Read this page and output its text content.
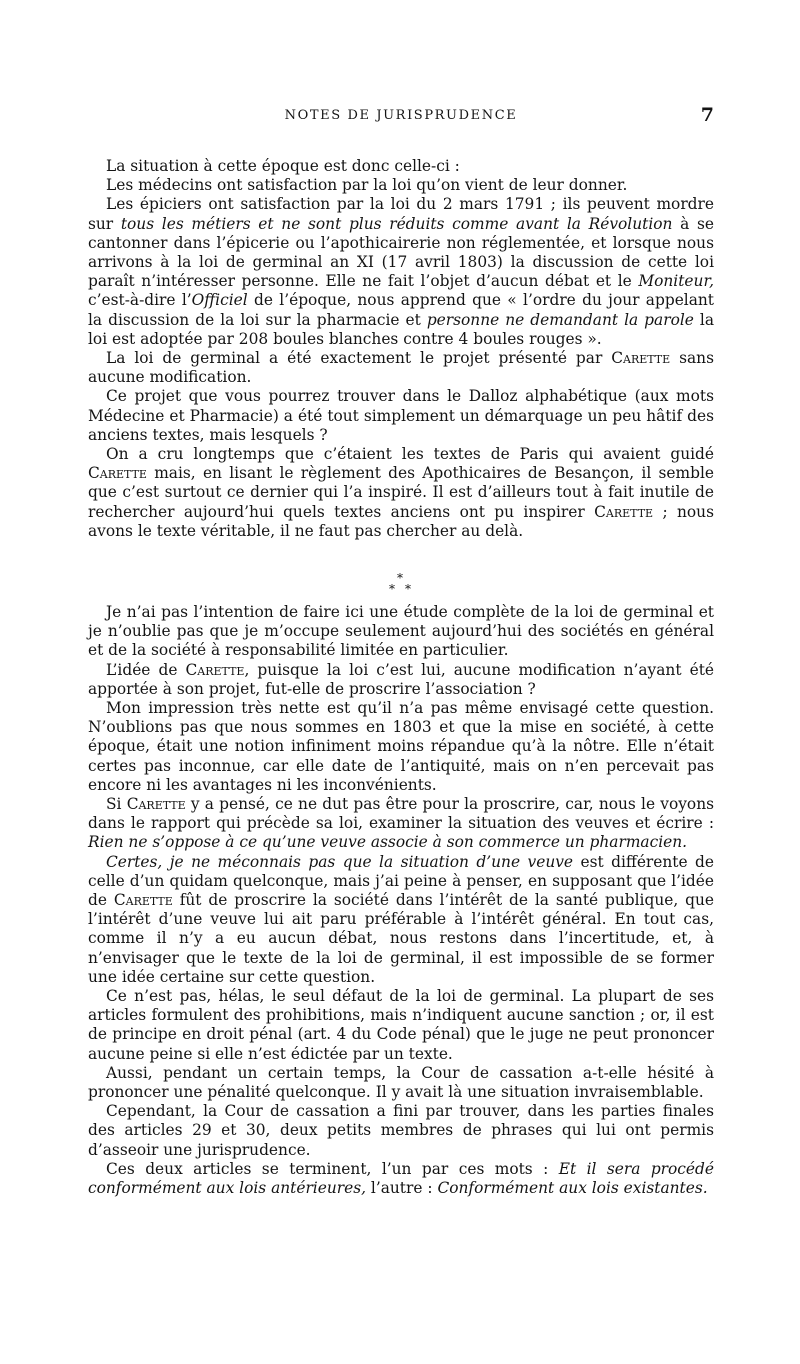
NOTES DE JURISPRUDENCE	7

La situation à cette époque est donc celle-ci :

Les médecins ont satisfaction par la loi qu’on vient de leur donner.

Les épiciers ont satisfaction par la loi du 2 mars 1791 ; ils peuvent mordre sur tous les métiers et ne sont plus réduits comme avant la Révolution à se cantonner dans l’épicerie ou l’apothicairerie non réglementée, et lorsque nous arrivons à la loi de germinal an XI (17 avril 1803) la discussion de cette loi paraît n’intéresser personne. Elle ne fait l’objet d’aucun débat et le Moniteur, c’est-à-dire l’Officiel de l’époque, nous apprend que « l’ordre du jour appelant la discussion de la loi sur la pharmacie et personne ne demandant la parole la loi est adoptée par 208 boules blanches contre 4 boules rouges ».

La loi de germinal a été exactement le projet présenté par Carette sans aucune modification.

Ce projet que vous pourrez trouver dans le Dalloz alphabétique (aux mots Médecine et Pharmacie) a été tout simplement un démarquage un peu hâtif des anciens textes, mais lesquels ?

On a cru longtemps que c’étaient les textes de Paris qui avaient guidé Carette mais, en lisant le règlement des Apothicaires de Besançon, il semble que c’est surtout ce dernier qui l’a inspiré. Il est d’ailleurs tout à fait inutile de rechercher aujourd’hui quels textes anciens ont pu inspirer Carette ; nous avons le texte véritable, il ne faut pas chercher au delà.

*
* *

Je n’ai pas l’intention de faire ici une étude complète de la loi de germinal et je n’oublie pas que je m’occupe seulement aujourd’hui des sociétés en général et de la société à responsabilité limitée en particulier.

L’idée de Carette, puisque la loi c’est lui, aucune modification n’ayant été apportée à son projet, fut-elle de proscrire l’association ?

Mon impression très nette est qu’il n’a pas même envisagé cette question. N’oublions pas que nous sommes en 1803 et que la mise en société, à cette époque, était une notion infiniment moins répandue qu’à la nôtre. Elle n’était certes pas inconnue, car elle date de l’antiquité, mais on n’en percevait pas encore ni les avantages ni les inconvénients.

Si Carette y a pensé, ce ne dut pas être pour la proscrire, car, nous le voyons dans le rapport qui précède sa loi, examiner la situation des veuves et écrire : Rien ne s’oppose à ce qu’une veuve associe à son commerce un pharmacien.

Certes, je ne méconnais pas que la situation d’une veuve est différente de celle d’un quidam quelconque, mais j’ai peine à penser, en supposant que l’idée de Carette fût de proscrire la société dans l’intérêt de la santé publique, que l’intérêt d’une veuve lui ait paru préférable à l’intérêt général. En tout cas, comme il n’y a eu aucun débat, nous restons dans l’incertitude, et, à n’envisager que le texte de la loi de germinal, il est impossible de se former une idée certaine sur cette question.

Ce n’est pas, hélas, le seul défaut de la loi de germinal. La plupart de ses articles formulent des prohibitions, mais n’indiquent aucune sanction ; or, il est de principe en droit pénal (art. 4 du Code pénal) que le juge ne peut prononcer aucune peine si elle n’est édictée par un texte.

Aussi, pendant un certain temps, la Cour de cassation a-t-elle hésité à prononcer une pénalité quelconque. Il y avait là une situation invraisemblable.

Cependant, la Cour de cassation a fini par trouver, dans les parties finales des articles 29 et 30, deux petits membres de phrases qui lui ont permis d’asseoir une jurisprudence.

Ces deux articles se terminent, l’un par ces mots : Et il sera procédé conformément aux lois antérieures, l’autre : Conformément aux lois existantes.
